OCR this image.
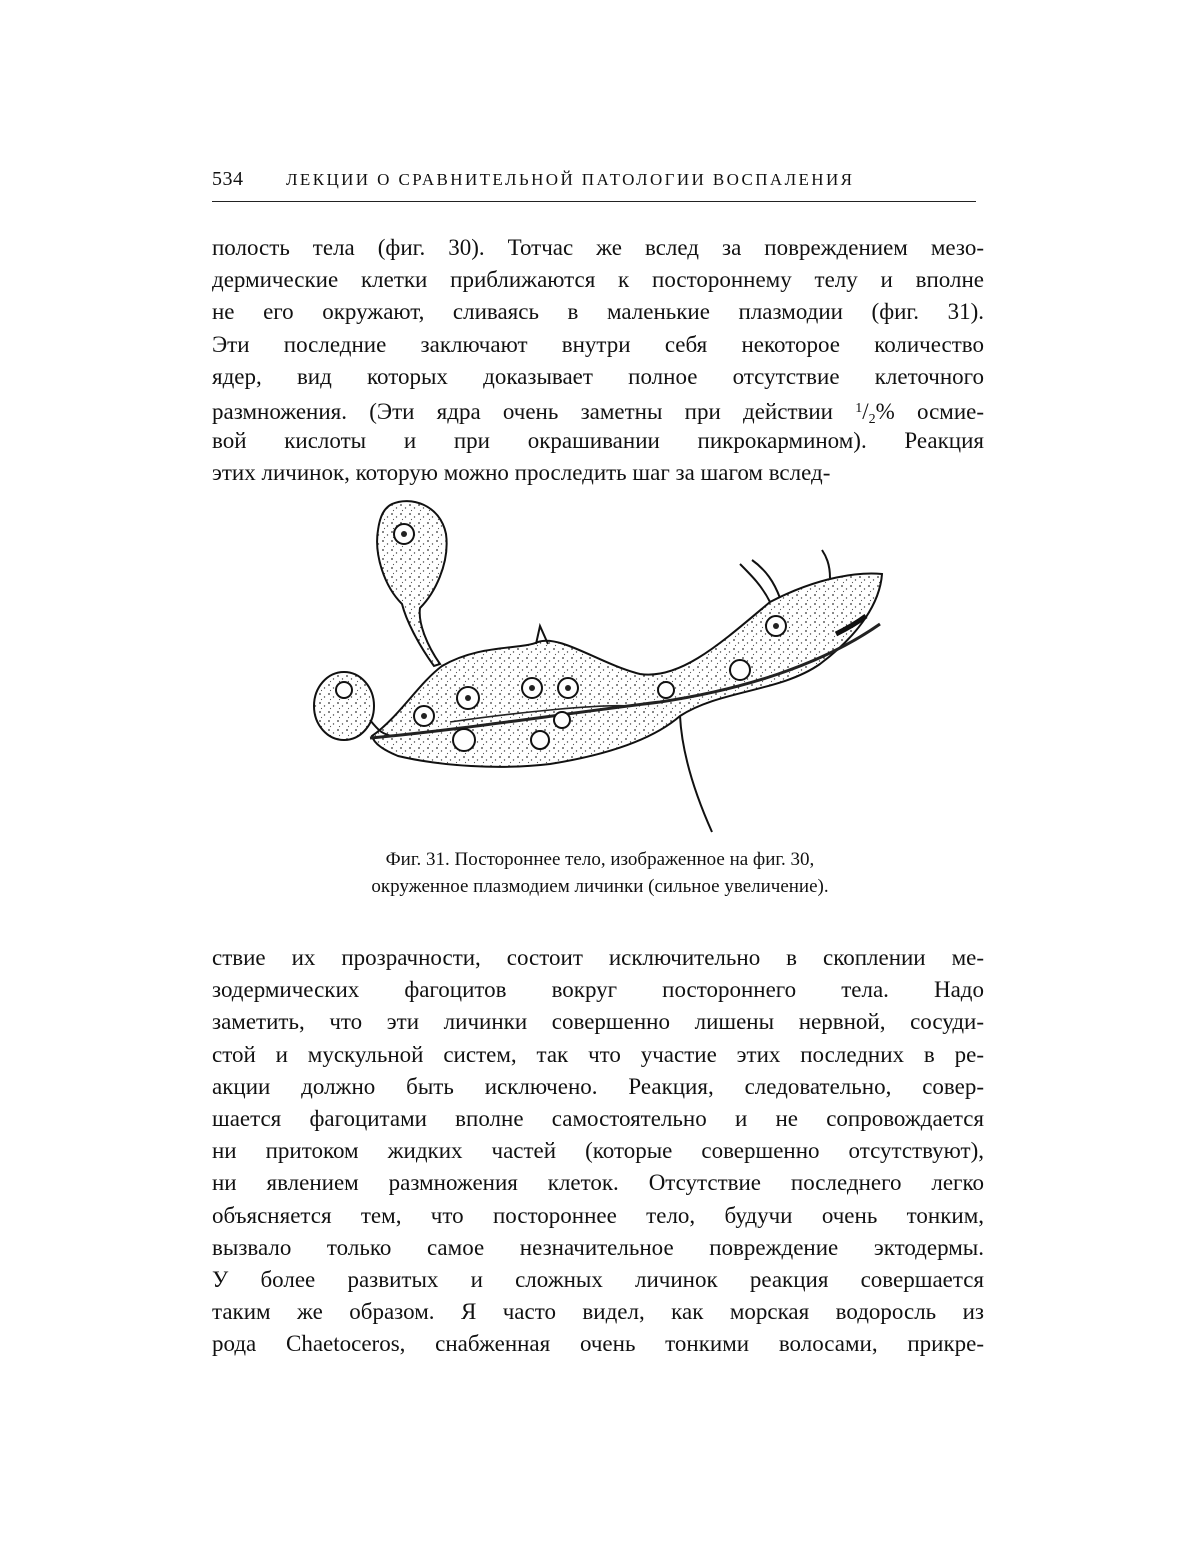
534	ЛЕКЦИИ О СРАВНИТЕЛЬНОЙ ПАТОЛОГИИ ВОСПАЛЕНИЯ
полость тела (фиг. 30). Тотчас же вслед за повреждением мезо-
дермические клетки приближаются к постороннему телу и вполне
не его окружают, сливаясь в маленькие плазмодии (фиг. 31).
Эти последние заключают внутри себя некоторое количество
ядер, вид которых доказывает полное отсутствие клеточного
размножения. (Эти ядра очень заметны при действии $^1/_2\%$ осмие-
вой кислоты и при окрашивании пикрокармином). Реакция
этих личинок, которую можно проследить шаг за шагом вслед-
Фиг. 31. Постороннее тело, изображенное на фиг. 30,
окруженное плазмодием личинки (сильное увеличение).
ствие их прозрачности, состоит исключительно в скоплении ме-
зодермических фагоцитов вокруг постороннего тела. Надо
заметить, что эти личинки совершенно лишены нервной, сосуди-
стой и мускульной систем, так что участие этих последних в ре-
акции должно быть исключено. Реакция, следовательно, совер-
шается фагоцитами вполне самостоятельно и не сопровождается
ни притоком жидких частей (которые совершенно отсутствуют),
ни явлением размножения клеток. Отсутствие последнего легко
объясняется тем, что постороннее тело, будучи очень тонким,
вызвало только самое незначительное повреждение эктодермы.
У более развитых и сложных личинок реакция совершается
таким же образом. Я часто видел, как морская водоросль из
рода Chaetoceros, снабженная очень тонкими волосами, прикре-
